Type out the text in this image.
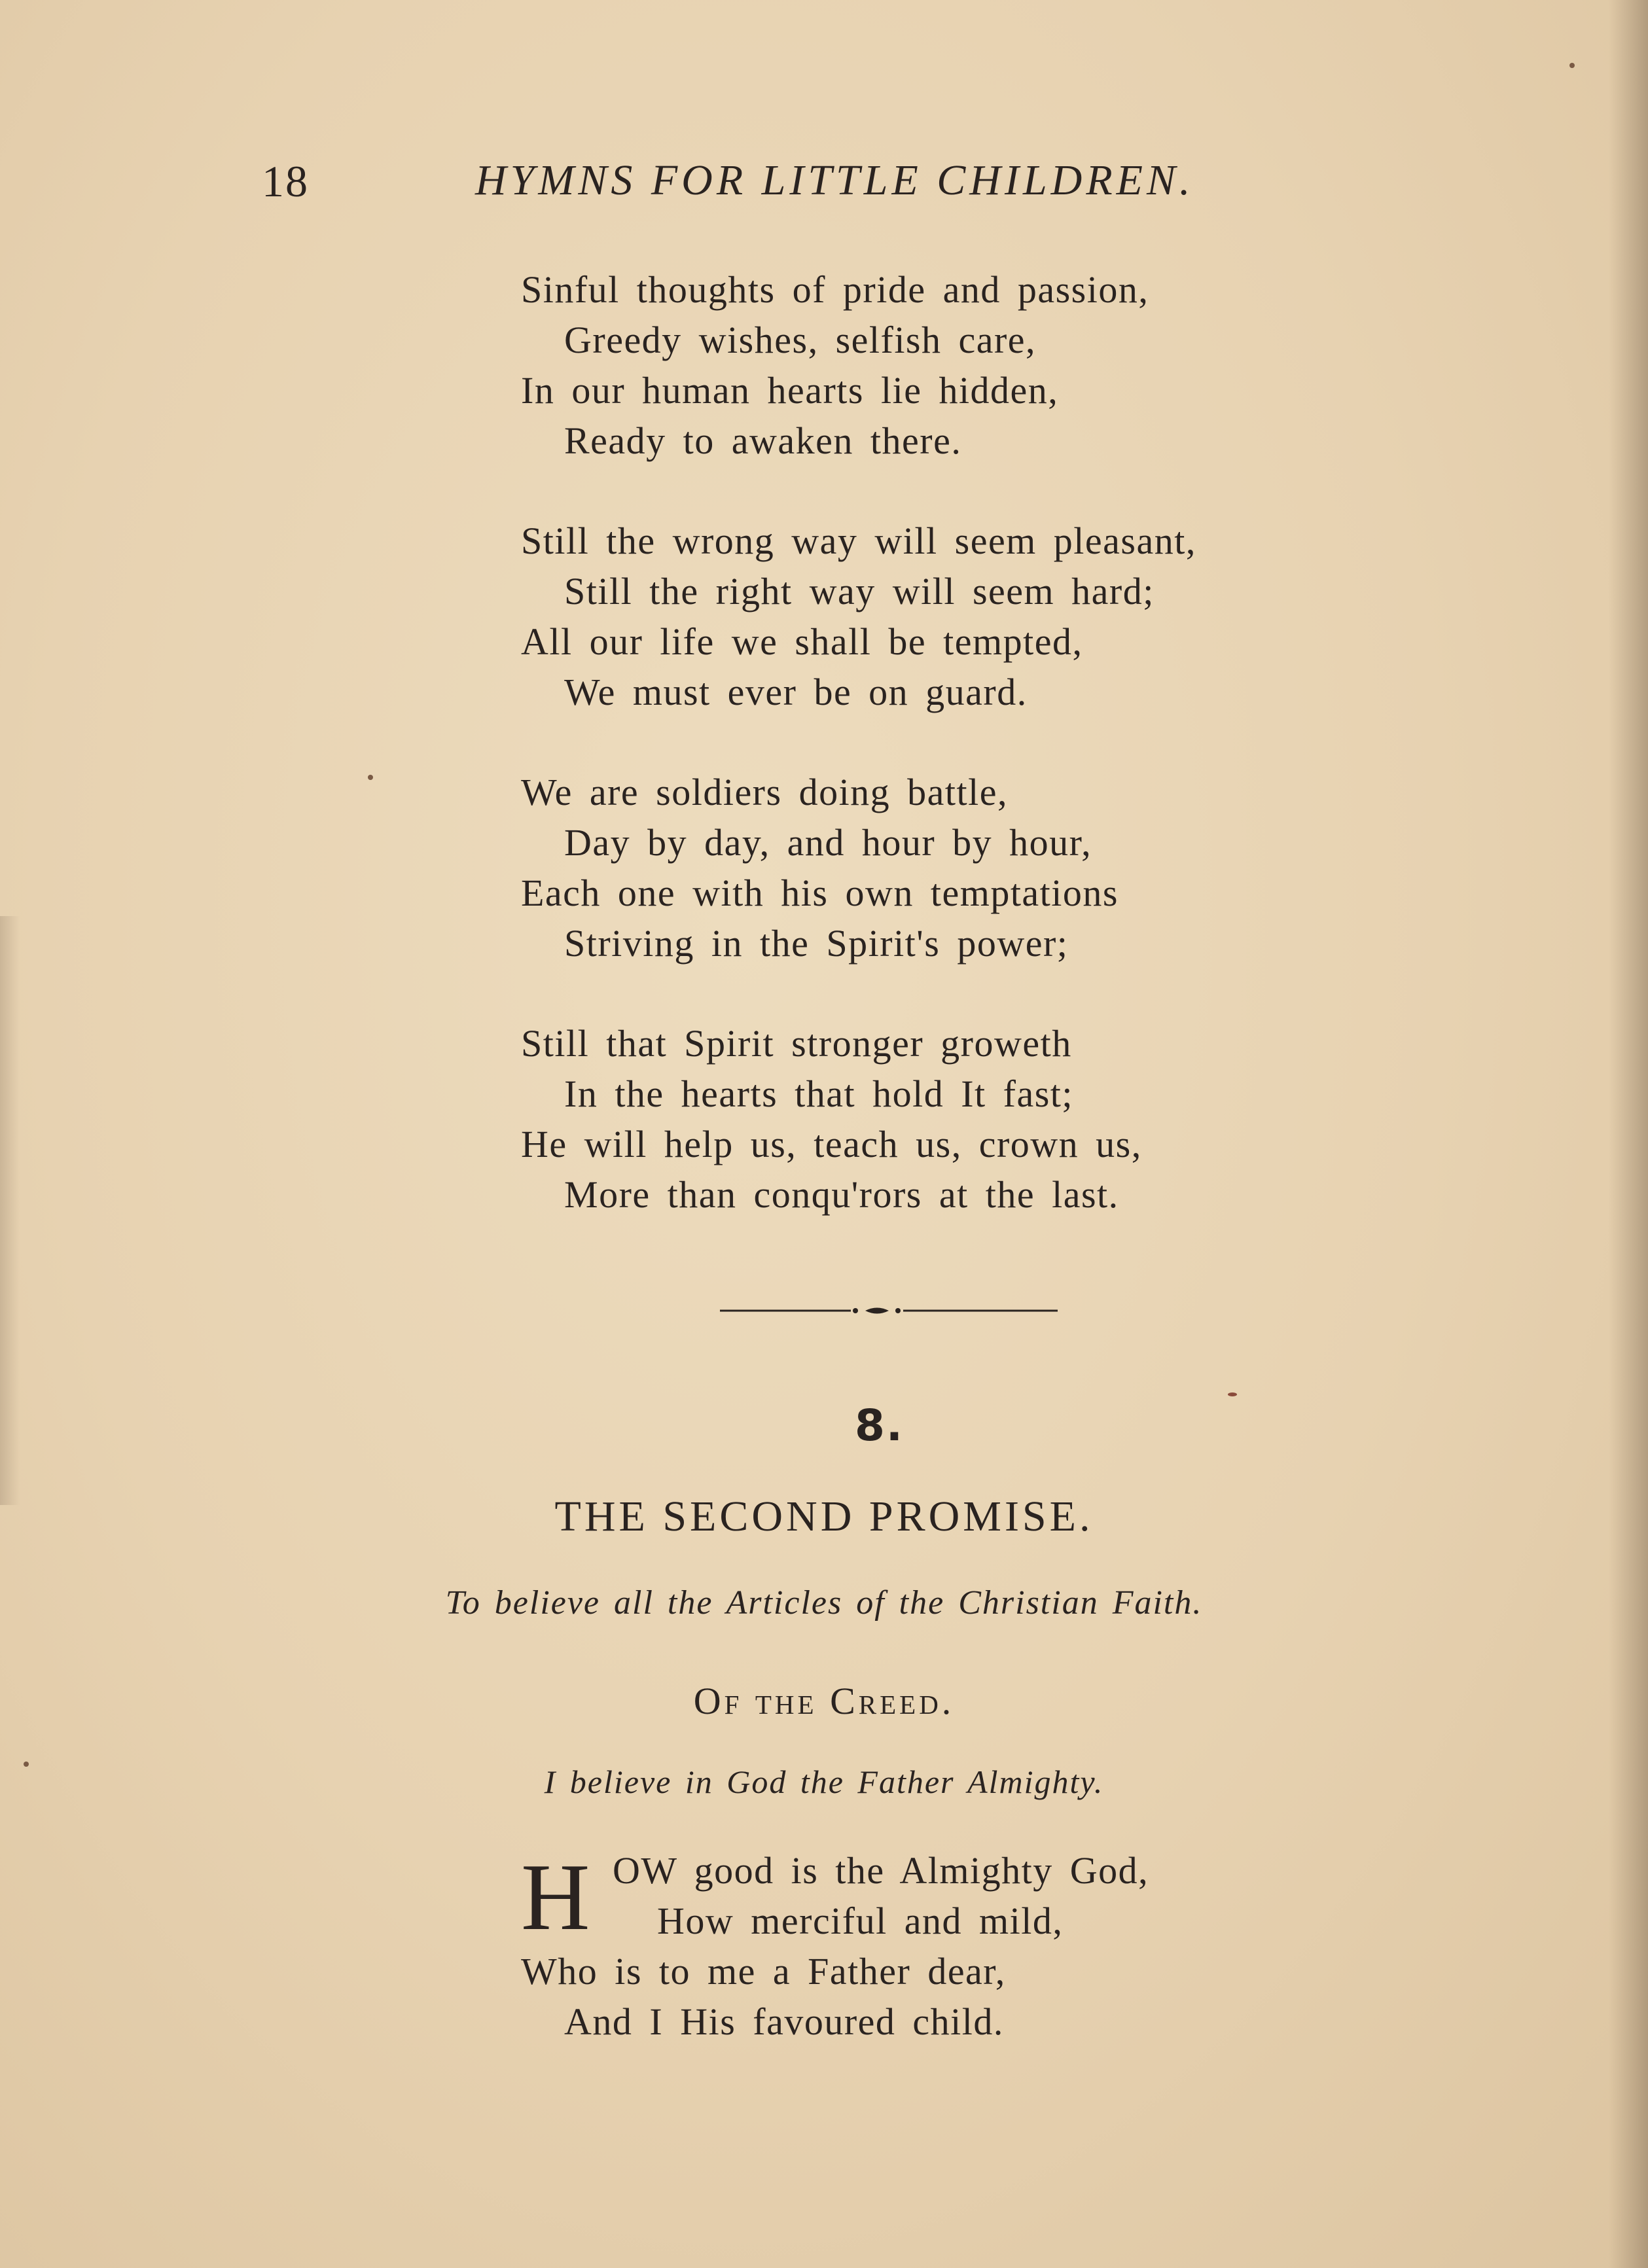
18	HYMNS FOR LITTLE CHILDREN.
Sinful thoughts of pride and passion,
Greedy wishes, selfish care,
In our human hearts lie hidden,
Ready to awaken there.
Still the wrong way will seem pleasant,
Still the right way will seem hard;
All our life we shall be tempted,
We must ever be on guard.
We are soldiers doing battle,
Day by day, and hour by hour,
Each one with his own temptations
Striving in the Spirit's power;
Still that Spirit stronger groweth
In the hearts that hold It fast;
He will help us, teach us, crown us,
More than conqu'rors at the last.
8.
THE SECOND PROMISE.
To believe all the Articles of the Christian Faith.
Of the Creed.
I believe in God the Father Almighty.
H OW good is the Almighty God,
How merciful and mild,
Who is to me a Father dear,
And I His favoured child.
